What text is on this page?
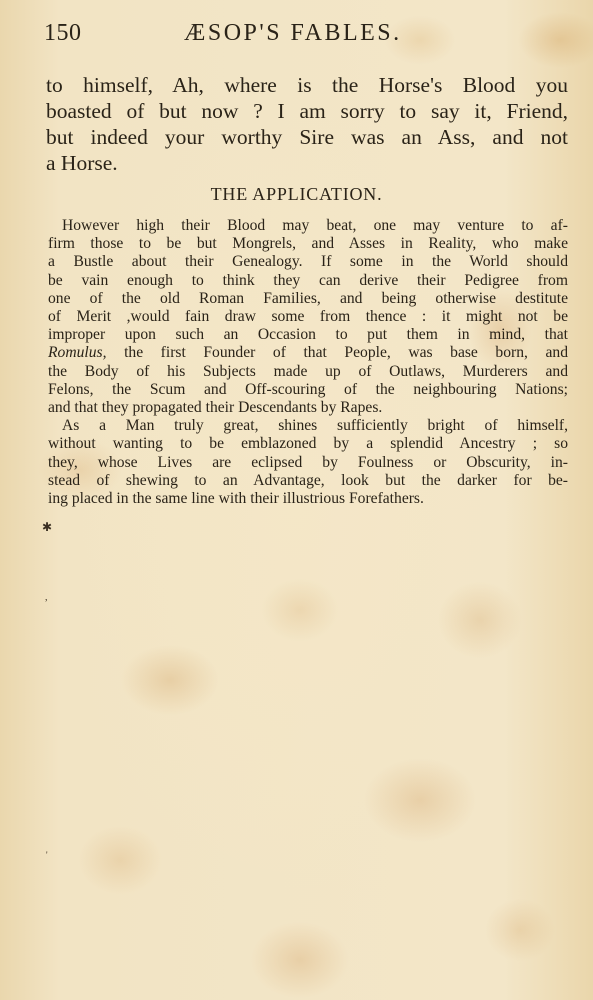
150	ÆSOP'S FABLES.
to himself, Ah, where is the Horse's Blood you
boasted of but now ? I am sorry to say it, Friend,
but indeed your worthy Sire was an Ass, and not
a Horse.
THE APPLICATION.
However high their Blood may beat, one may venture to af-
firm those to be but Mongrels, and Asses in Reality, who make
a Bustle about their Genealogy. If some in the World should
be vain enough to think they can derive their Pedigree from
one of the old Roman Families, and being otherwise destitute
of Merit ,would fain draw some from thence : it might not be
improper upon such an Occasion to put them in mind, that
Romulus, the first Founder of that People, was base born, and
the Body of his Subjects made up of Outlaws, Murderers and
Felons, the Scum and Off-scouring of the neighbouring Nations;
and that they propagated their Descendants by Rapes.
As a Man truly great, shines sufficiently bright of himself,
without wanting to be emblazoned by a splendid Ancestry ; so
they, whose Lives are eclipsed by Foulness or Obscurity, in-
stead of shewing to an Advantage, look but the darker for be-
ing placed in the same line with their illustrious Forefathers.
✱
,
'
